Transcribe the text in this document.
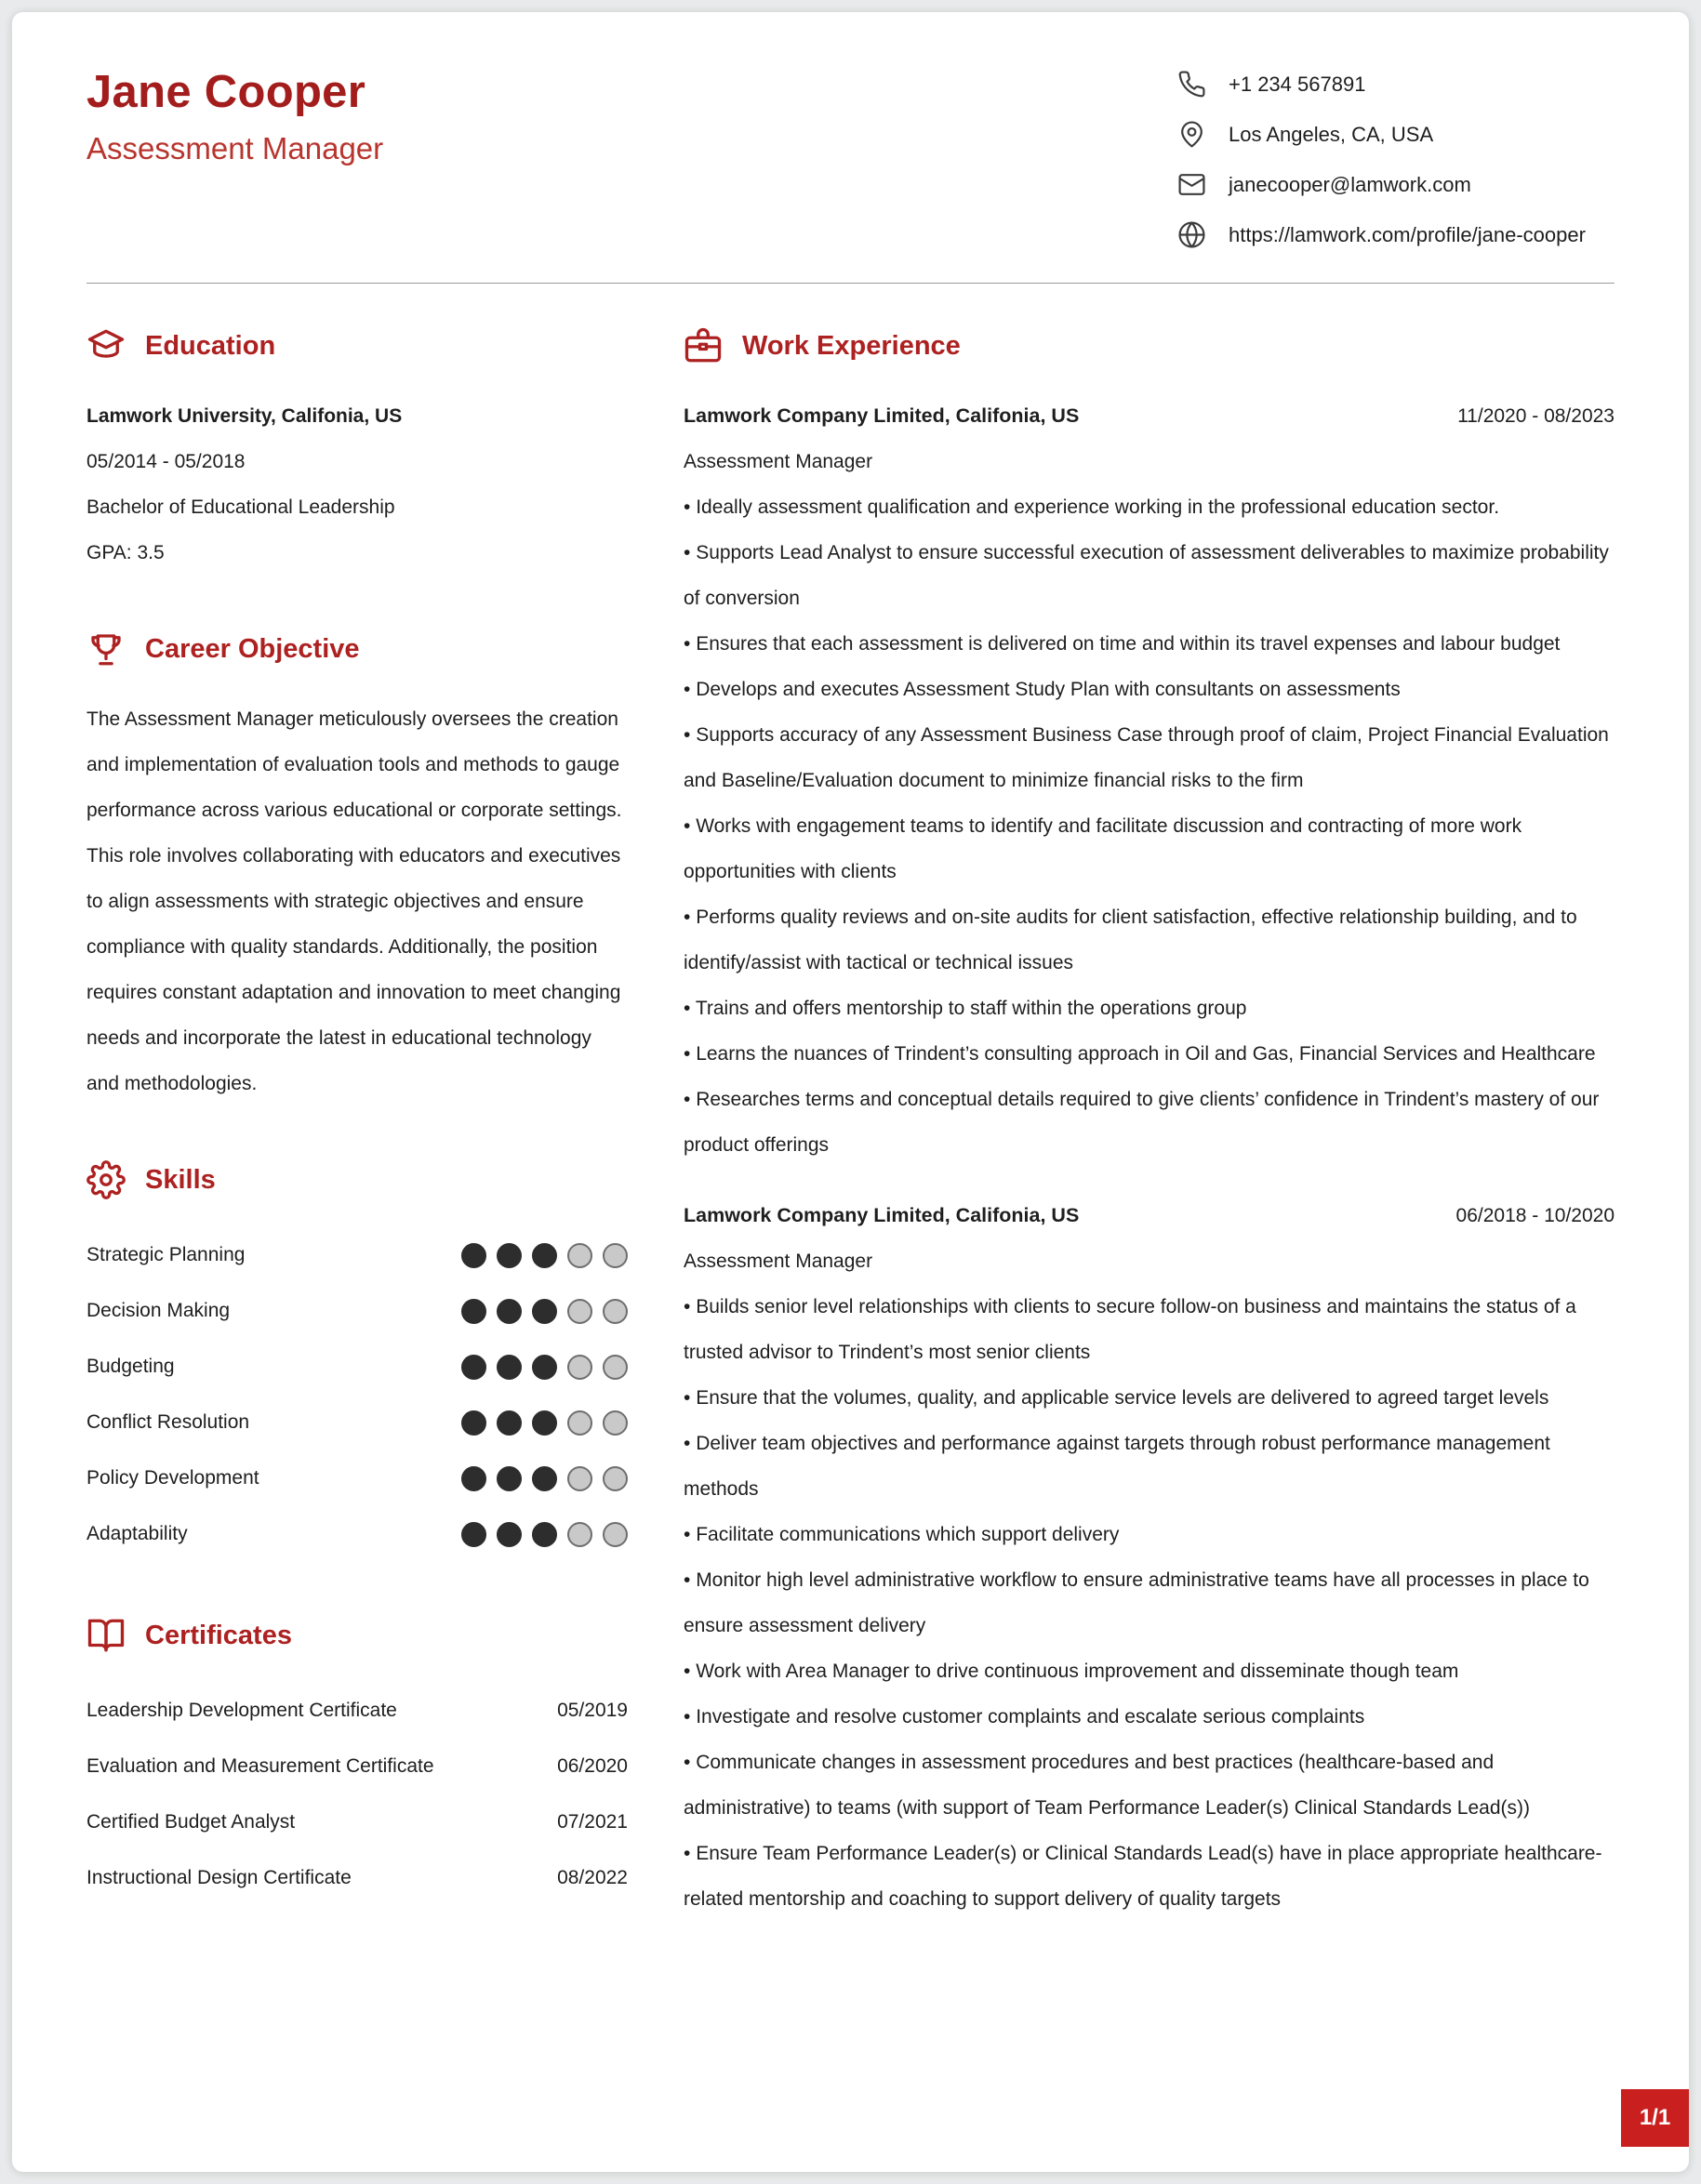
Jane Cooper
Assessment Manager
+1 234 567891
Los Angeles, CA, USA
janecooper@lamwork.com
https://lamwork.com/profile/jane-cooper
Education

Lamwork University, Califonia, US

05/2014 - 05/2018

Bachelor of Educational Leadership

GPA: 3.5

Career Objective

The Assessment Manager meticulously oversees the creation and implementation of evaluation tools and methods to gauge performance across various educational or corporate settings. This role involves collaborating with educators and executives to align assessments with strategic objectives and ensure compliance with quality standards. Additionally, the position requires constant adaptation and innovation to meet changing needs and incorporate the latest in educational technology and methodologies.

Skills
Strategic Planning
Decision Making
Budgeting
Conflict Resolution
Policy Development
Adaptability
Certificates
Leadership Development Certificate	05/2019
Evaluation and Measurement Certificate	06/2020
Certified Budget Analyst	07/2021
Instructional Design Certificate	08/2022
Work Experience
Lamwork Company Limited, Califonia, US	11/2020 - 08/2023
Assessment Manager

• Ideally assessment qualification and experience working in the professional education sector.

• Supports Lead Analyst to ensure successful execution of assessment deliverables to maximize probability of conversion

• Ensures that each assessment is delivered on time and within its travel expenses and labour budget

• Develops and executes Assessment Study Plan with consultants on assessments

• Supports accuracy of any Assessment Business Case through proof of claim, Project Financial Evaluation and Baseline/Evaluation document to minimize financial risks to the firm

• Works with engagement teams to identify and facilitate discussion and contracting of more work opportunities with clients

• Performs quality reviews and on-site audits for client satisfaction, effective relationship building, and to identify/assist with tactical or technical issues

• Trains and offers mentorship to staff within the operations group

• Learns the nuances of Trindent’s consulting approach in Oil and Gas, Financial Services and Healthcare

• Researches terms and conceptual details required to give clients’ confidence in Trindent’s mastery of our product offerings

Lamwork Company Limited, Califonia, US	06/2018 - 10/2020
Assessment Manager

• Builds senior level relationships with clients to secure follow-on business and maintains the status of a trusted advisor to Trindent’s most senior clients

• Ensure that the volumes, quality, and applicable service levels are delivered to agreed target levels

• Deliver team objectives and performance against targets through robust performance management methods

• Facilitate communications which support delivery

• Monitor high level administrative workflow to ensure administrative teams have all processes in place to ensure assessment delivery

• Work with Area Manager to drive continuous improvement and disseminate though team

• Investigate and resolve customer complaints and escalate serious complaints

• Communicate changes in assessment procedures and best practices (healthcare-based and administrative) to teams (with support of Team Performance Leader(s) Clinical Standards Lead(s))

• Ensure Team Performance Leader(s) or Clinical Standards Lead(s) have in place appropriate healthcare-related mentorship and coaching to support delivery of quality targets

1/1
